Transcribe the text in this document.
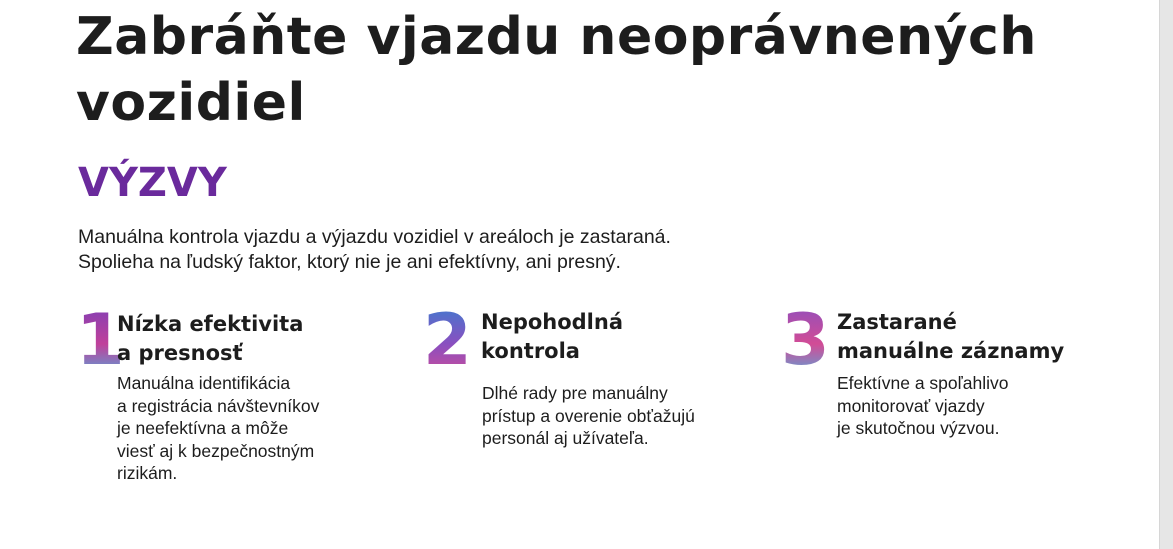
Zabráňte vjazdu neoprávnených
vozidiel
VÝZVY
Manuálna kontrola vjazdu a výjazdu vozidiel v areáloch je zastaraná.
Spolieha na ľudský faktor, ktorý nie je ani efektívny, ani presný.
1
Nízka efektivita
a presnosť
Manuálna identifikácia
a registrácia návštevníkov
je neefektívna a môže
viesť aj k bezpečnostným
rizikám.
2 Nepohodlná
kontrola
Dlhé rady pre manuálny
prístup a overenie obťažujú
personál aj užívateľa.
3 Zastarané
manuálne záznamy
Efektívne a spoľahlivo
monitorovať vjazdy
je skutočnou výzvou.
